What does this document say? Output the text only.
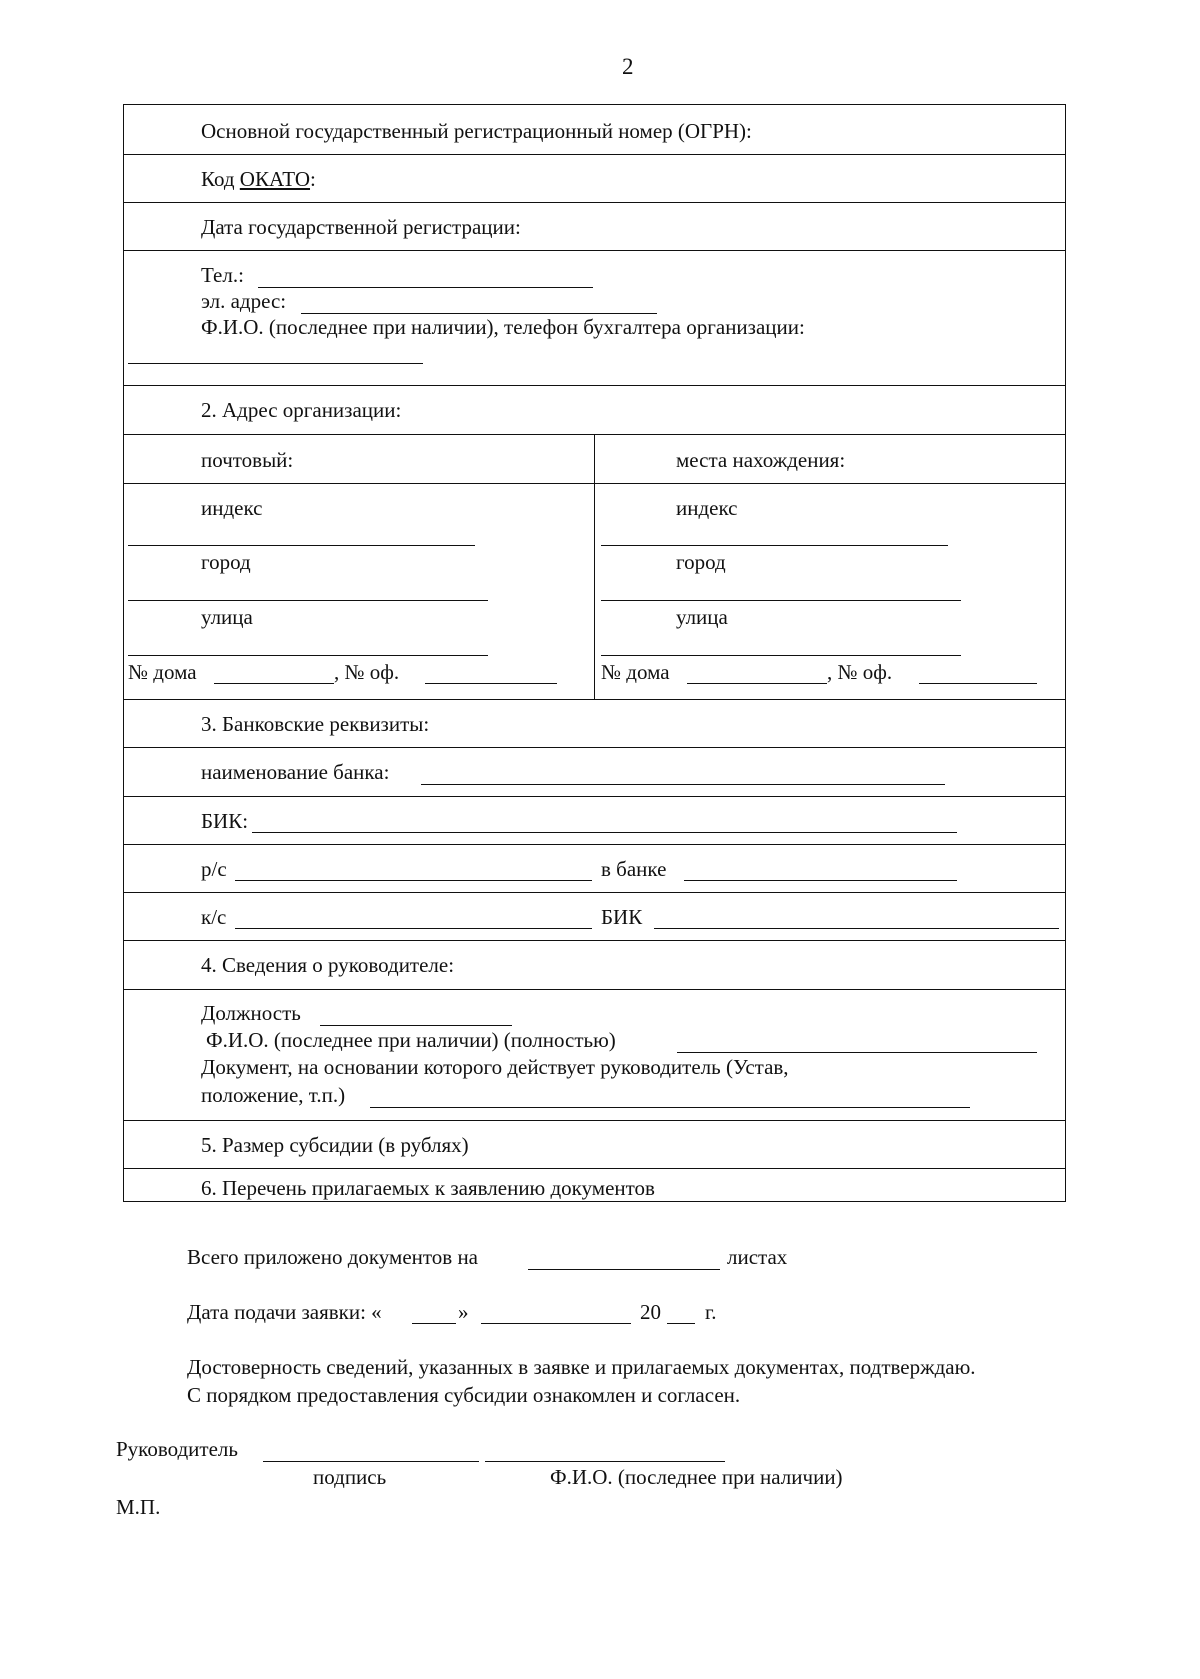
2
Основной государственный регистрационный номер (ОГРН):
Код ОКАТО:
Дата государственной регистрации:
Тел.:
эл. адрес:
Ф.И.О. (последнее при наличии), телефон бухгалтера организации:
2. Адрес организации:
почтовый:	места нахождения:
индекс
город
улица
№ дома	, № оф.
индекс
город
улица
№ дома	, № оф.
3. Банковские реквизиты:
наименование банка:
БИК:
р/с	в банке
к/с	БИК
4. Сведения о руководителе:
Должность
Ф.И.О. (последнее при наличии) (полностью)
Документ, на основании которого действует руководитель (Устав,
положение, т.п.)
5. Размер субсидии (в рублях)
6. Перечень прилагаемых к заявлению документов
Всего приложено документов на	листах
Дата подачи заявки: «	»	20 г.
Достоверность сведений, указанных в заявке и прилагаемых документах, подтверждаю.
С порядком предоставления субсидии ознакомлен и согласен.
Руководитель
подпись	Ф.И.О. (последнее при наличии)
М.П.
